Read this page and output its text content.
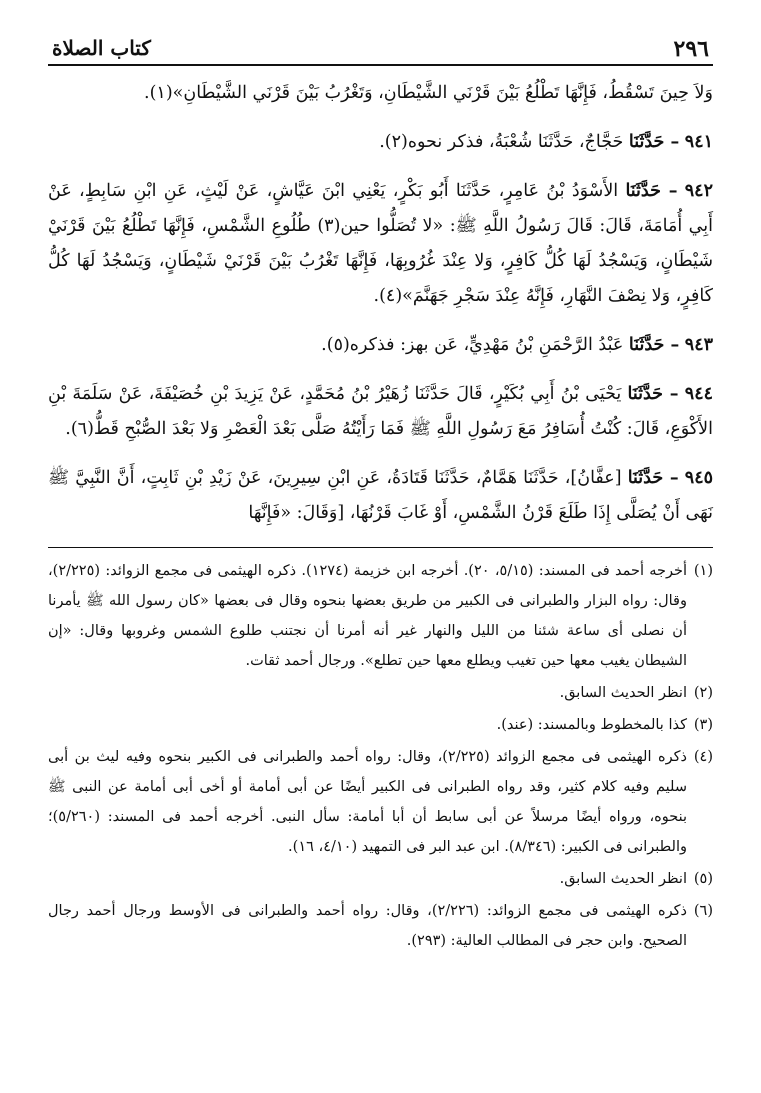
٢٩٦
كتاب الصلاة

وَلاَ حِينَ تَسْقُطُ، فَإِنَّهَا تَطْلُعُ بَيْنَ قَرْنَي الشَّيْطَانِ، وَتَغْرُبُ بَيْنَ قَرْنَي الشَّيْطَانِ»(١).

٩٤١ – حَدَّثَنَا حَجَّاجٌ، حَدَّثَنَا شُعْبَةُ، فذكر نحوه(٢).

٩٤٢ – حَدَّثَنَا الأَسْوَدُ بْنُ عَامِرٍ، حَدَّثَنَا أَبُو بَكْرٍ، يَعْنِي ابْنَ عَيَّاشٍ، عَنْ لَيْثٍ، عَنِ ابْنِ سَابِطٍ، عَنْ أَبِي أُمَامَةَ، قَالَ: قَالَ رَسُولُ اللَّهِ ﷺ: «لا تُصَلُّوا حين(٣) طُلُوعِ الشَّمْسِ، فَإِنَّهَا تَطْلُعُ بَيْنَ قَرْنَيْ شَيْطَانٍ، وَيَسْجُدُ لَهَا كُلُّ كَافِرٍ، وَلا عِنْدَ غُرُوبِهَا، فَإِنَّهَا تَغْرُبُ بَيْنَ قَرْنَيْ شَيْطَانٍ، وَيَسْجُدُ لَهَا كُلُّ كَافِرٍ، وَلا نِصْفَ النَّهَارِ، فَإِنَّهُ عِنْدَ سَجْرِ جَهَنَّمَ»(٤).

٩٤٣ – حَدَّثَنَا عَبْدُ الرَّحْمَنِ بْنُ مَهْدِيٍّ، عَن بهز: فذكره(٥).

٩٤٤ – حَدَّثَنَا يَحْيَى بْنُ أَبِي بُكَيْرٍ، قَالَ حَدَّثَنَا زُهَيْرُ بْنُ مُحَمَّدٍ، عَنْ يَزِيدَ بْنِ خُصَيْفَةَ، عَنْ سَلَمَةَ بْنِ الأَكْوَعِ، قَالَ: كُنْتُ أُسَافِرُ مَعَ رَسُولِ اللَّهِ ﷺ فَمَا رَأَيْتُهُ صَلَّى بَعْدَ الْعَصْرِ وَلا بَعْدَ الصُّبْحِ قَطُّ(٦).

٩٤٥ – حَدَّثَنَا [عفَّانُ]، حَدَّثَنَا هَمَّامٌ، حَدَّثَنَا قَتَادَةُ، عَنِ ابْنِ سِيرِينَ، عَنْ زَيْدِ بْنِ ثَابِتٍ، أَنَّ النَّبِيَّ ﷺ نَهَى أَنْ يُصَلَّى إِذَا طَلَعَ قَرْنُ الشَّمْسِ، أَوْ غَابَ قَرْنُهَا، [وَقَالَ: «فَإِنَّهَا

(١)
أخرجه أحمد فى المسند: (٥/١٥، ٢٠). أخرجه ابن خزيمة (١٢٧٤). ذكره الهيثمى فى مجمع الزوائد: (٢/٢٢٥)، وقال: رواه البزار والطبرانى فى الكبير من طريق بعضها بنحوه وقال فى بعضها «كان رسول الله ﷺ يأمرنا أن نصلى أى ساعة شئنا من الليل والنهار غير أنه أمرنا أن نجتنب طلوع الشمس وغروبها وقال: «إن الشيطان يغيب معها حين تغيب ويطلع معها حين تطلع». ورجال أحمد ثقات.
(٢)
انظر الحديث السابق.
(٣)
كذا بالمخطوط وبالمسند: (عند).
(٤)
ذكره الهيثمى فى مجمع الزوائد (٢/٢٢٥)، وقال: رواه أحمد والطبرانى فى الكبير بنحوه وفيه ليث بن أبى سليم وفيه كلام كثير، وقد رواه الطبرانى فى الكبير أيضًا عن أبى أمامة أو أخى أبى أمامة عن النبى ﷺ بنحوه، ورواه أيضًا مرسلاً عن أبى سابط أن أبا أمامة: سأل النبى. أخرجه أحمد فى المسند: (٥/٢٦٠)؛ والطبرانى فى الكبير: (٨/٣٤٦). ابن عبد البر فى التمهيد (٤/١٠، ١٦).
(٥)
انظر الحديث السابق.
(٦)
ذكره الهيثمى فى مجمع الزوائد: (٢/٢٢٦)، وقال: رواه أحمد والطبرانى فى الأوسط ورجال أحمد رجال الصحيح. وابن حجر فى المطالب العالية: (٢٩٣).
